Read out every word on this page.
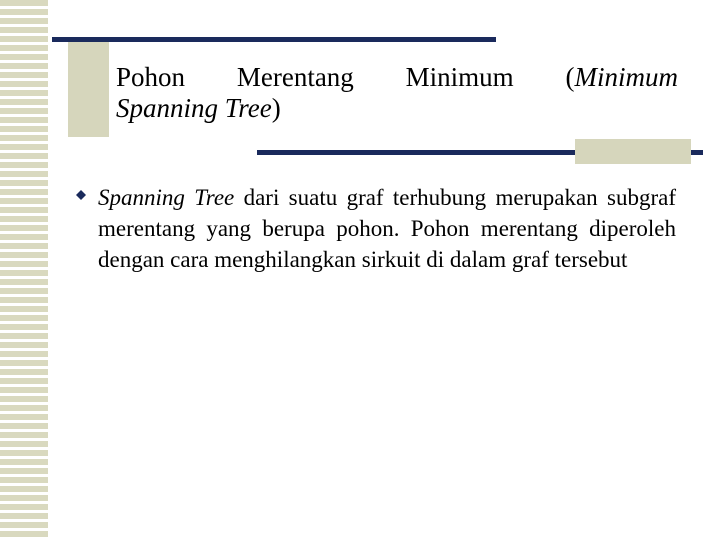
Pohon Merentang Minimum (Minimum
Spanning Tree)
Spanning Tree dari suatu graf terhubung merupakan subgraf merentang yang berupa pohon. Pohon merentang diperoleh dengan cara menghilangkan sirkuit di dalam graf tersebut
